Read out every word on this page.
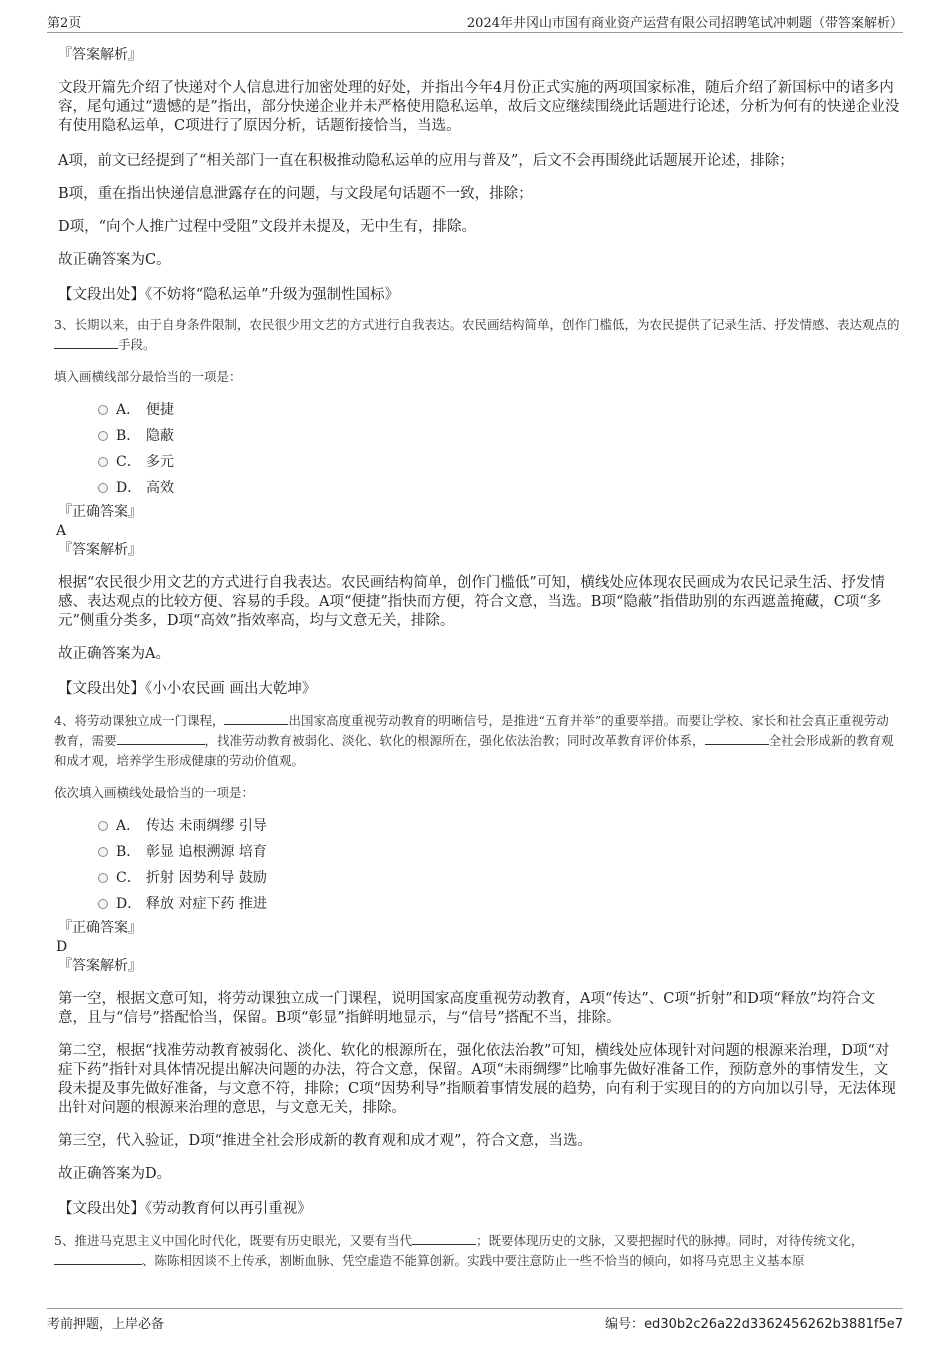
第2页	2024年井冈山市国有商业资产运营有限公司招聘笔试冲刺题（带答案解析）

『答案解析』

文段开篇先介绍了快递对个人信息进行加密处理的好处，并指出今年4月份正式实施的两项国家标准，随后介绍了新国标中的诸多内容，尾句通过“遗憾的是”指出，部分快递企业并未严格使用隐私运单，故后文应继续围绕此话题进行论述，分析为何有的快递企业没有使用隐私运单，C项进行了原因分析，话题衔接恰当，当选。

A项，前文已经提到了“相关部门一直在积极推动隐私运单的应用与普及”，后文不会再围绕此话题展开论述，排除；

B项，重在指出快递信息泄露存在的问题，与文段尾句话题不一致，排除；

D项，“向个人推广过程中受阻”文段并未提及，无中生有，排除。

故正确答案为C。

【文段出处】《不妨将“隐私运单”升级为强制性国标》

3、长期以来，由于自身条件限制，农民很少用文艺的方式进行自我表达。农民画结构简单，创作门槛低，为农民提供了记录生活、抒发情感、表达观点的手段。

填入画横线部分最恰当的一项是：

A． 便捷
B． 隐蔽
C． 多元
D． 高效

『正确答案』

A

『答案解析』

根据“农民很少用文艺的方式进行自我表达。农民画结构简单，创作门槛低”可知，横线处应体现农民画成为农民记录生活、抒发情感、表达观点的比较方便、容易的手段。A项“便捷”指快而方便，符合文意，当选。B项“隐蔽”指借助别的东西遮盖掩藏，C项“多元”侧重分类多，D项“高效”指效率高，均与文意无关，排除。

故正确答案为A。

【文段出处】《小小农民画 画出大乾坤》

4、将劳动课独立成一门课程，	出国家高度重视劳动教育的明晰信号，是推进“五育并举”的重要举措。而要让学校、家长和社会真正重视劳动教育，需要	，找准劳动教育被弱化、淡化、软化的根源所在，强化依法治教；同时改革教育评价体系，	全社会形成新的教育观和成才观，培养学生形成健康的劳动价值观。

依次填入画横线处最恰当的一项是：

A． 传达 未雨绸缪 引导
B． 彰显 追根溯源 培育
C． 折射 因势利导 鼓励
D． 释放 对症下药 推进

『正确答案』

D

『答案解析』

第一空，根据文意可知，将劳动课独立成一门课程，说明国家高度重视劳动教育，A项“传达”、C项“折射”和D项“释放”均符合文意，且与“信号”搭配恰当，保留。B项“彰显”指鲜明地显示，与“信号”搭配不当，排除。

第二空，根据“找准劳动教育被弱化、淡化、软化的根源所在，强化依法治教”可知，横线处应体现针对问题的根源来治理，D项“对症下药”指针对具体情况提出解决问题的办法，符合文意，保留。A项“未雨绸缪”比喻事先做好准备工作，预防意外的事情发生，文段未提及事先做好准备，与文意不符，排除；C项“因势利导”指顺着事情发展的趋势，向有利于实现目的的方向加以引导，无法体现出针对问题的根源来治理的意思，与文意无关，排除。

第三空，代入验证，D项“推进全社会形成新的教育观和成才观”，符合文意，当选。

故正确答案为D。

【文段出处】《劳动教育何以再引重视》

5、推进马克思主义中国化时代化，既要有历史眼光，又要有当代	；既要体现历史的文脉，又要把握时代的脉搏。同时，对待传统文化，、陈陈相因谈不上传承，割断血脉、凭空虚造不能算创新。实践中要注意防止一些不恰当的倾向，如将马克思主义基本原

考前押题，上岸必备	编号：ed30b2c26a22d3362456262b3881f5e7
